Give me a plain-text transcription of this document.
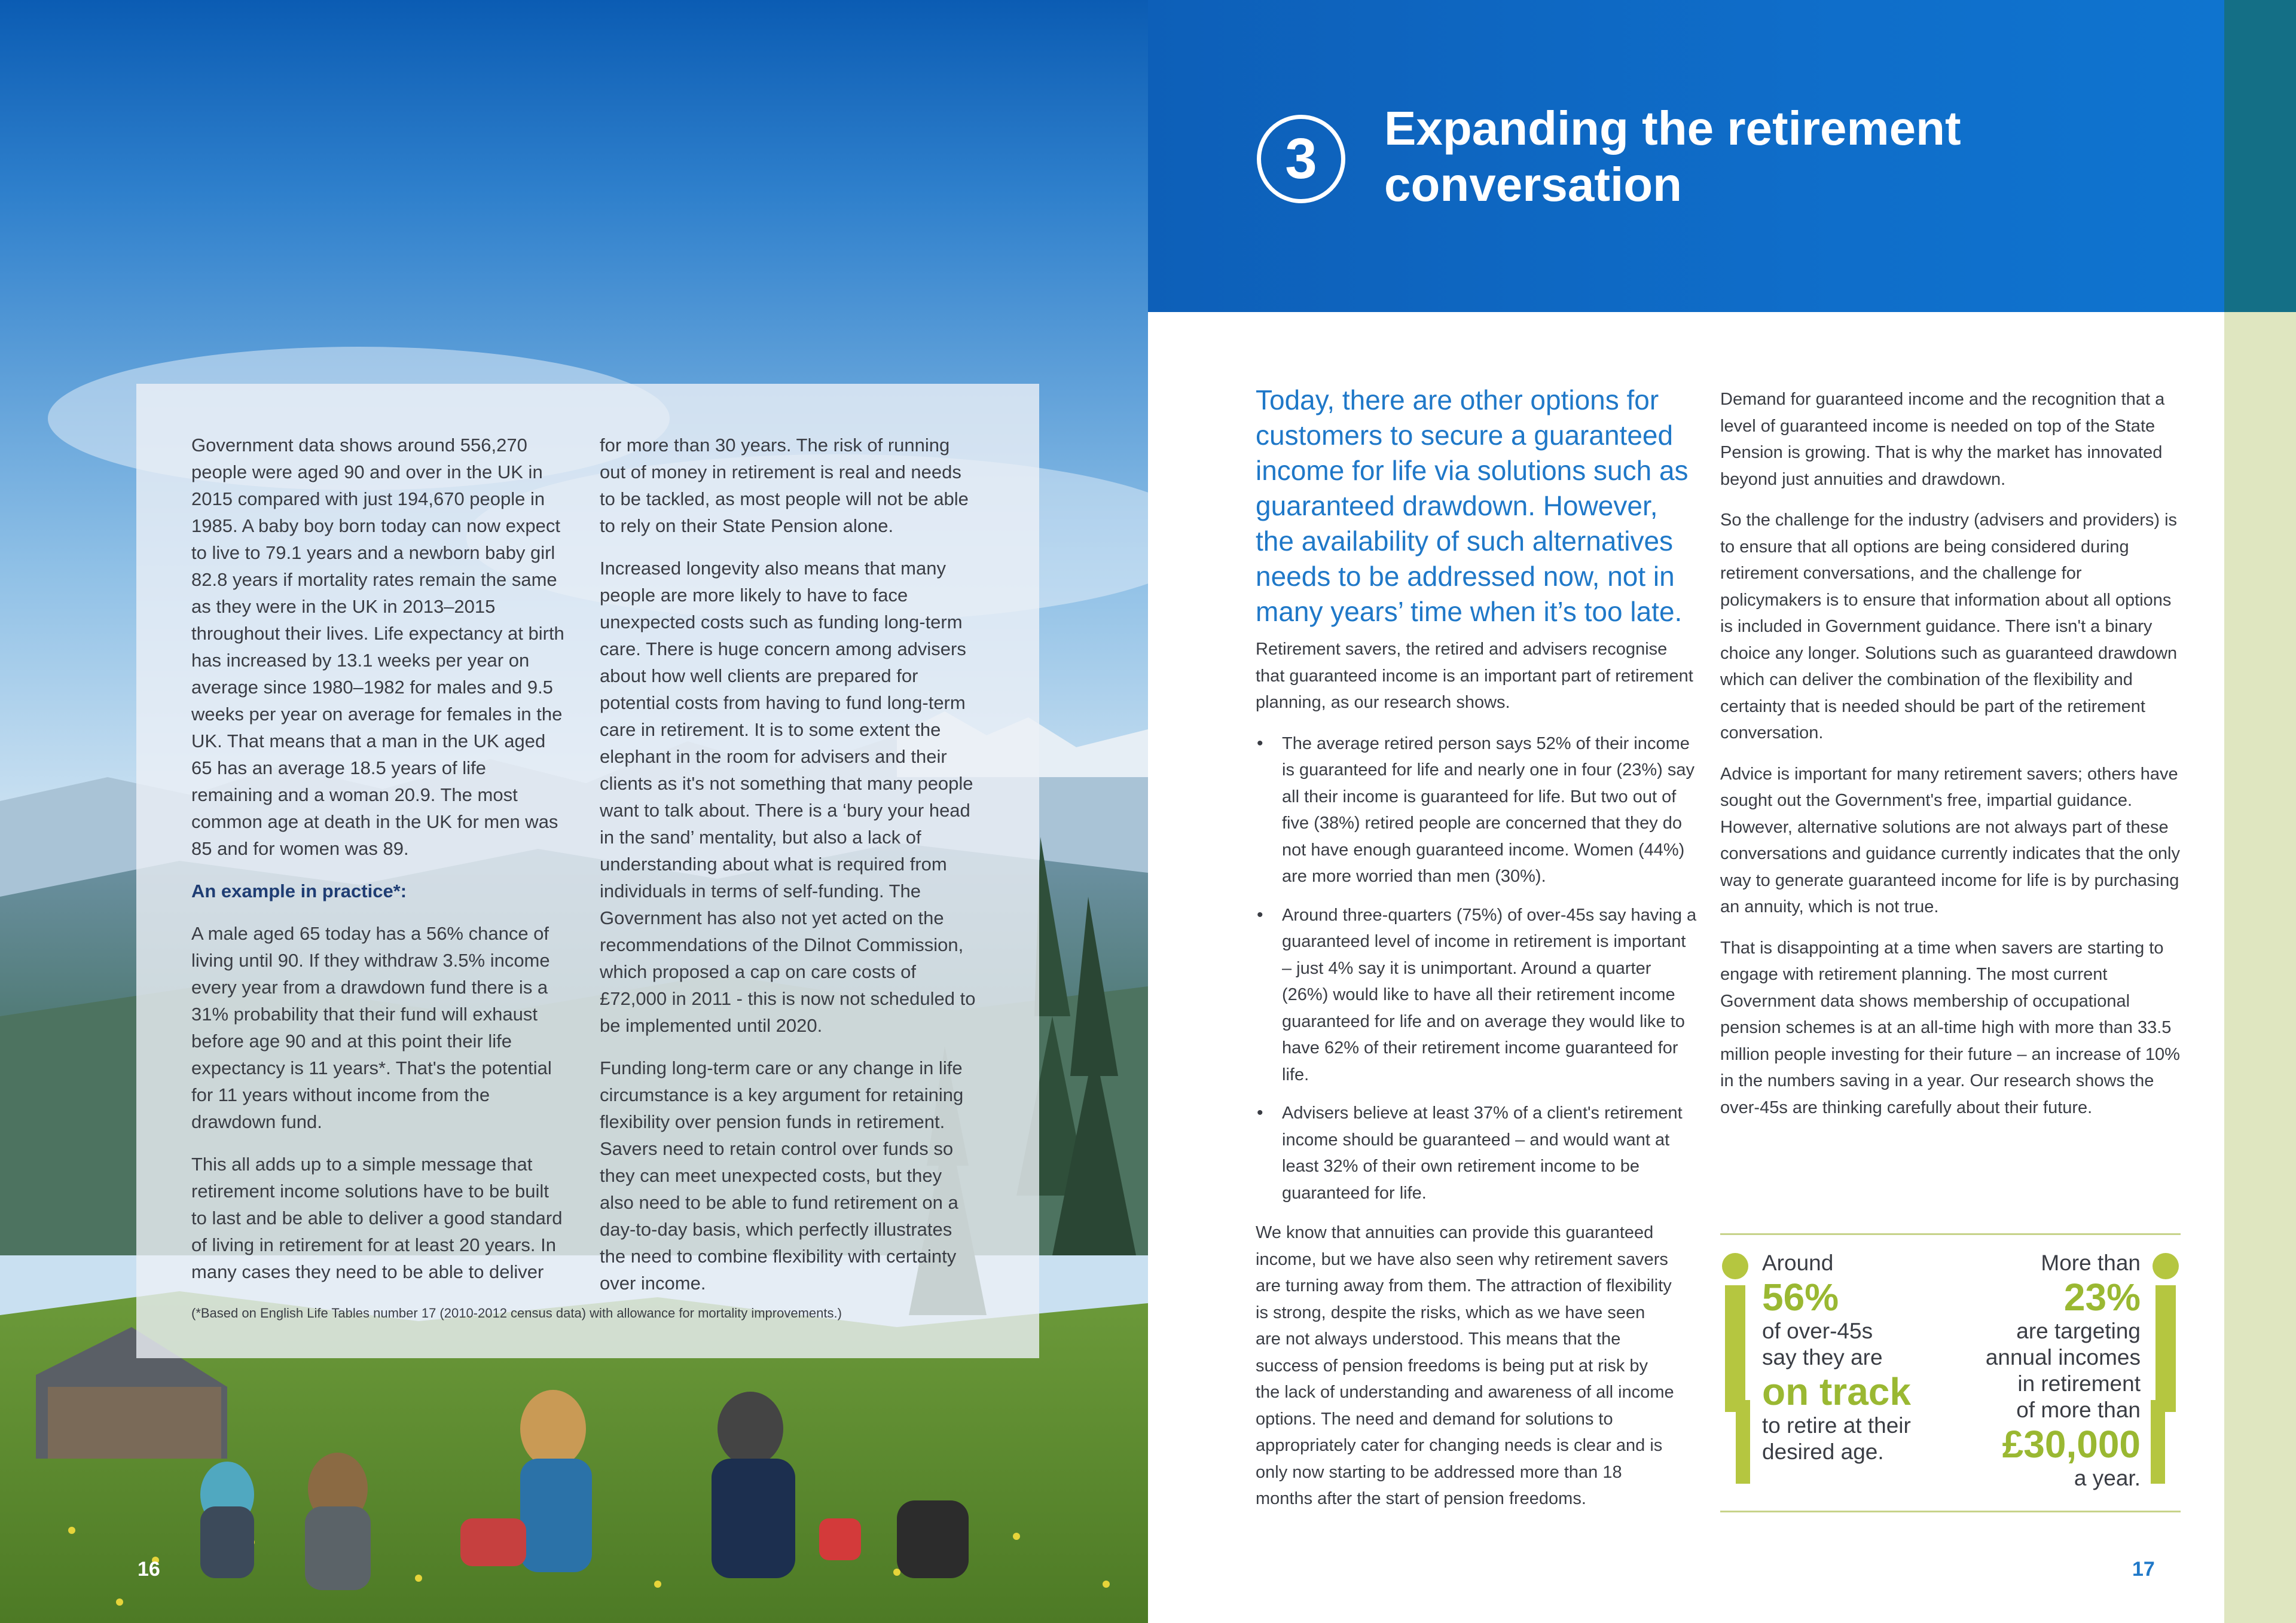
Government data shows around 556,270 people were aged 90 and over in the UK in 2015 compared with just 194,670 people in 1985. A baby boy born today can now expect to live to 79.1 years and a newborn baby girl 82.8 years if mortality rates remain the same as they were in the UK in 2013–2015 throughout their lives. Life expectancy at birth has increased by 13.1 weeks per year on average since 1980–1982 for males and 9.5 weeks per year on average for females in the UK. That means that a man in the UK aged 65 has an average 18.5 years of life remaining and a woman 20.9. The most common age at death in the UK for men was 85 and for women was 89.

An example in practice*:

A male aged 65 today has a 56% chance of living until 90. If they withdraw 3.5% income every year from a drawdown fund there is a 31% probability that their fund will exhaust before age 90 and at this point their life expectancy is 11 years*. That's the potential for 11 years without income from the drawdown fund.

This all adds up to a simple message that retirement income solutions have to be built to last and be able to deliver a good standard of living in retirement for at least 20 years. In many cases they need to be able to deliver

for more than 30 years. The risk of running out of money in retirement is real and needs to be tackled, as most people will not be able to rely on their State Pension alone.

Increased longevity also means that many people are more likely to have to face unexpected costs such as funding long-term care. There is huge concern among advisers about how well clients are prepared for potential costs from having to fund long-term care in retirement. It is to some extent the elephant in the room for advisers and their clients as it's not something that many people want to talk about. There is a ‘bury your head in the sand’ mentality, but also a lack of understanding about what is required from individuals in terms of self-funding. The Government has also not yet acted on the recommendations of the Dilnot Commission, which proposed a cap on care costs of £72,000 in 2011 - this is now not scheduled to be implemented until 2020.

Funding long-term care or any change in life circumstance is a key argument for retaining flexibility over pension funds in retirement. Savers need to retain control over funds so they can meet unexpected costs, but they also need to be able to fund retirement on a day-to-day basis, which perfectly illustrates the need to combine flexibility with certainty over income.

(*Based on English Life Tables number 17 (2010-2012 census data) with allowance for mortality improvements.)
16
3 Expanding the retirement conversation
Today, there are other options for customers to secure a guaranteed income for life via solutions such as guaranteed drawdown. However, the availability of such alternatives needs to be addressed now, not in many years’ time when it’s too late.

Retirement savers, the retired and advisers recognise that guaranteed income is an important part of retirement planning, as our research shows.

• The average retired person says 52% of their income is guaranteed for life and nearly one in four (23%) say all their income is guaranteed for life. But two out of five (38%) retired people are concerned that they do not have enough guaranteed income. Women (44%) are more worried than men (30%).
• Around three-quarters (75%) of over-45s say having a guaranteed level of income in retirement is important – just 4% say it is unimportant. Around a quarter (26%) would like to have all their retirement income guaranteed for life and on average they would like to have 62% of their retirement income guaranteed for life.
• Advisers believe at least 37% of a client's retirement income should be guaranteed – and would want at least 32% of their own retirement income to be guaranteed for life.

We know that annuities can provide this guaranteed income, but we have also seen why retirement savers are turning away from them. The attraction of flexibility is strong, despite the risks, which as we have seen are not always understood. This means that the success of pension freedoms is being put at risk by the lack of understanding and awareness of all income options. The need and demand for solutions to appropriately cater for changing needs is clear and is only now starting to be addressed more than 18 months after the start of pension freedoms.

Demand for guaranteed income and the recognition that a level of guaranteed income is needed on top of the State Pension is growing. That is why the market has innovated beyond just annuities and drawdown.

So the challenge for the industry (advisers and providers) is to ensure that all options are being considered during retirement conversations, and the challenge for policymakers is to ensure that information about all options is included in Government guidance. There isn't a binary choice any longer. Solutions such as guaranteed drawdown which can deliver the combination of the flexibility and certainty that is needed should be part of the retirement conversation.

Advice is important for many retirement savers; others have sought out the Government's free, impartial guidance. However, alternative solutions are not always part of these conversations and guidance currently indicates that the only way to generate guaranteed income for life is by purchasing an annuity, which is not true.

That is disappointing at a time when savers are starting to engage with retirement planning. The most current Government data shows membership of occupational pension schemes is at an all-time high with more than 33.5 million people investing for their future – an increase of 10% in the numbers saving in a year. Our research shows the over-45s are thinking carefully about their future.

Around
56%
of over-45s
say they are
on track
to retire at their
desired age.
More than
23%
are targeting
annual incomes
in retirement
of more than
£30,000
a year.
17
